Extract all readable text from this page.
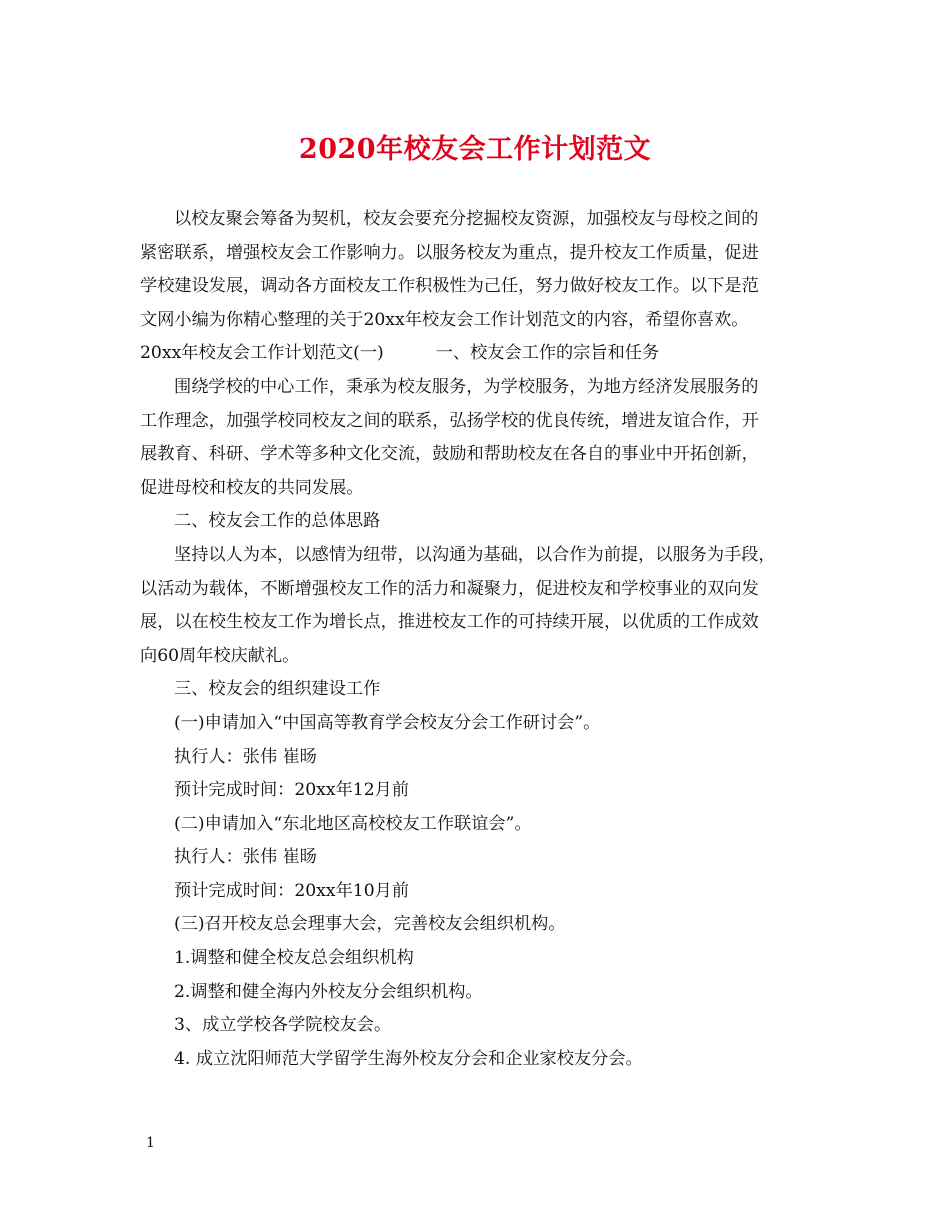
2020年校友会工作计划范文
以校友聚会筹备为契机，校友会要充分挖掘校友资源，加强校友与母校之间的
紧密联系，增强校友会工作影响力。以服务校友为重点，提升校友工作质量，促进
学校建设发展，调动各方面校友工作积极性为己任，努力做好校友工作。以下是范
文网小编为你精心整理的关于20xx年校友会工作计划范文的内容，希望你喜欢。
20xx年校友会工作计划范文(一)	一、校友会工作的宗旨和任务
围绕学校的中心工作，秉承为校友服务，为学校服务，为地方经济发展服务的
工作理念，加强学校同校友之间的联系，弘扬学校的优良传统，增进友谊合作，开
展教育、科研、学术等多种文化交流，鼓励和帮助校友在各自的事业中开拓创新，
促进母校和校友的共同发展。
二、校友会工作的总体思路
坚持以人为本，以感情为纽带，以沟通为基础，以合作为前提，以服务为手段，
以活动为载体，不断增强校友工作的活力和凝聚力，促进校友和学校事业的双向发
展，以在校生校友工作为增长点，推进校友工作的可持续开展，以优质的工作成效
向60周年校庆献礼。
三、校友会的组织建设工作
(一)申请加入“中国高等教育学会校友分会工作研讨会”。
执行人：张伟 崔旸
预计完成时间：20xx年12月前
(二)申请加入“东北地区高校校友工作联谊会”。
执行人：张伟 崔旸
预计完成时间：20xx年10月前
(三)召开校友总会理事大会，完善校友会组织机构。
1.调整和健全校友总会组织机构
2.调整和健全海内外校友分会组织机构。
3、成立学校各学院校友会。
4. 成立沈阳师范大学留学生海外校友分会和企业家校友分会。
1
